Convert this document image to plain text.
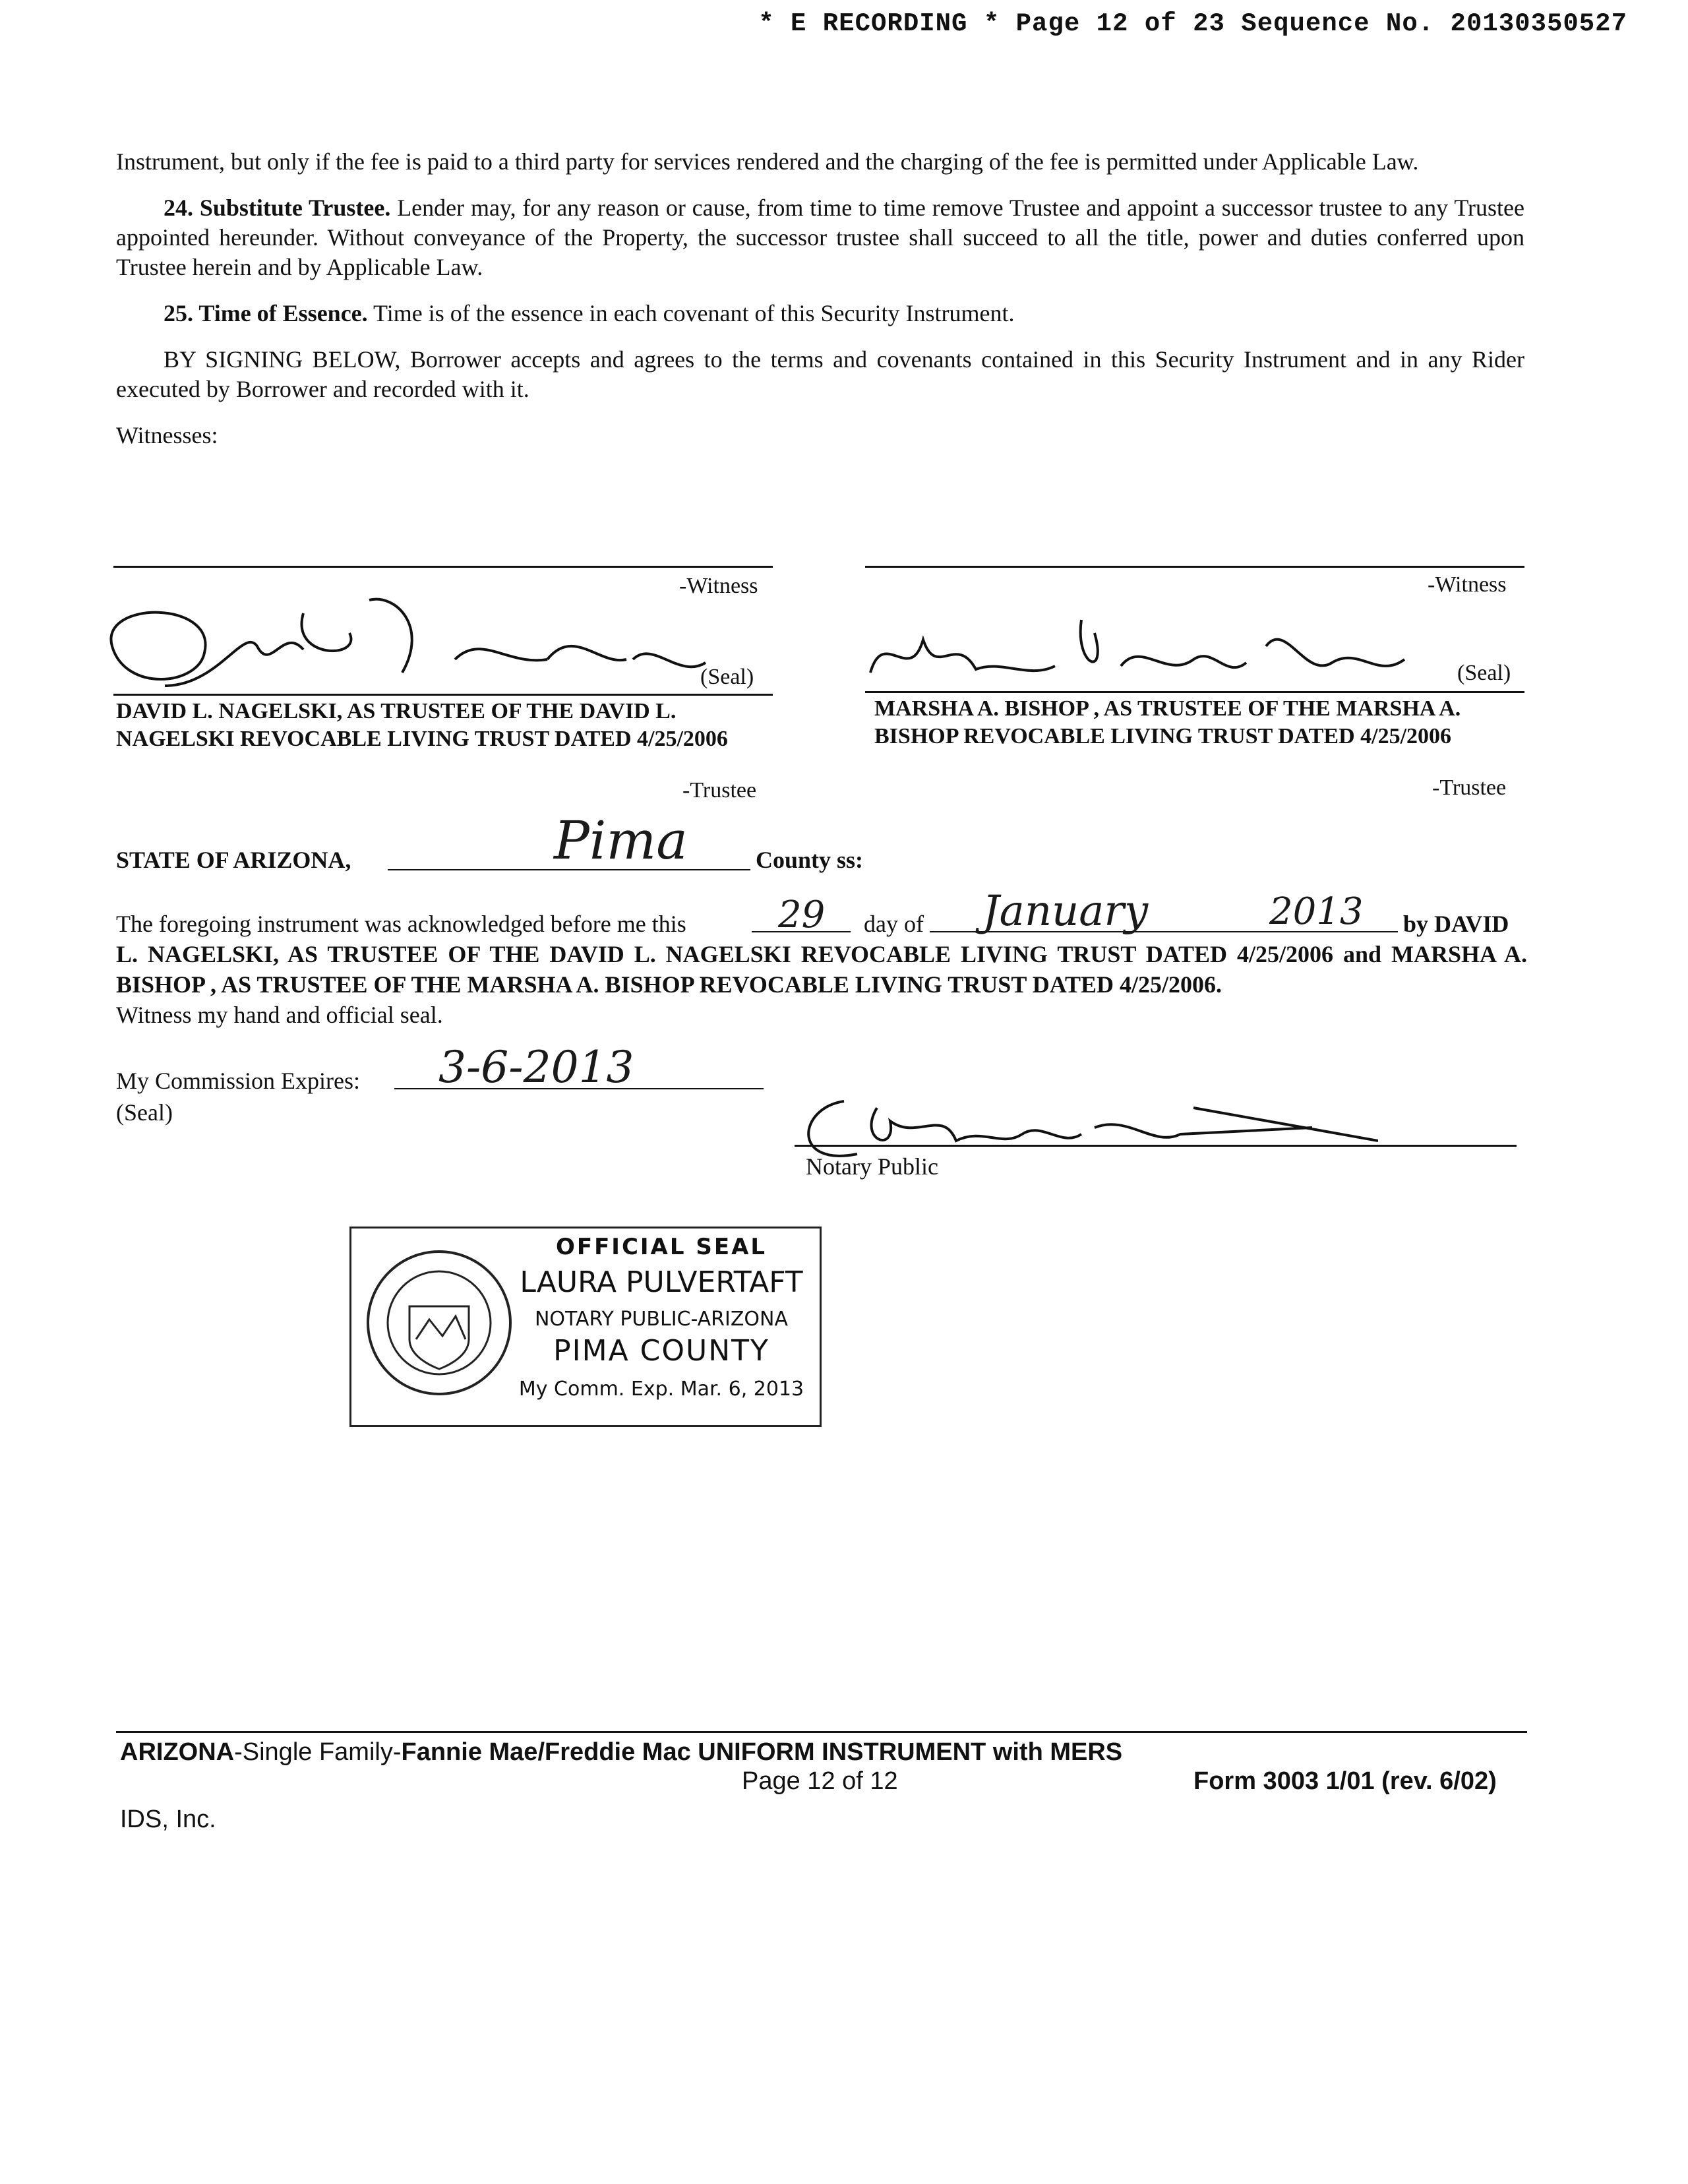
* E RECORDING * Page 12 of 23 Sequence No. 20130350527

Instrument, but only if the fee is paid to a third party for services rendered and the charging of the fee is permitted under Applicable Law.

24. Substitute Trustee. Lender may, for any reason or cause, from time to time remove Trustee and appoint a successor trustee to any Trustee appointed hereunder. Without conveyance of the Property, the successor trustee shall succeed to all the title, power and duties conferred upon Trustee herein and by Applicable Law.

25. Time of Essence. Time is of the essence in each covenant of this Security Instrument.

BY SIGNING BELOW, Borrower accepts and agrees to the terms and covenants contained in this Security Instrument and in any Rider executed by Borrower and recorded with it.

Witnesses:

-Witness	-Witness
(Seal)
DAVID L. NAGELSKI, AS TRUSTEE OF THE DAVID L. NAGELSKI REVOCABLE LIVING TRUST DATED 4/25/2006
-Trustee
(Seal)
MARSHA A. BISHOP , AS TRUSTEE OF THE MARSHA A. BISHOP REVOCABLE LIVING TRUST DATED 4/25/2006
-Trustee
STATE OF ARIZONA,	Pima	County ss:
The foregoing instrument was acknowledged before me this 29 day of January	2013 by DAVID
L. NAGELSKI, AS TRUSTEE OF THE DAVID L. NAGELSKI REVOCABLE LIVING TRUST DATED 4/25/2006 and MARSHA A. BISHOP , AS TRUSTEE OF THE MARSHA A. BISHOP REVOCABLE LIVING TRUST DATED 4/25/2006.
Witness my hand and official seal.
My Commission Expires: 3-6-2013
(Seal)
Notary Public
OFFICIAL SEAL
LAURA PULVERTAFT
NOTARY PUBLIC-ARIZONA
PIMA COUNTY
My Comm. Exp. Mar. 6, 2013
ARIZONA-Single Family-Fannie Mae/Freddie Mac UNIFORM INSTRUMENT with MERS
Page 12 of 12	Form 3003 1/01 (rev. 6/02)
IDS, Inc.
